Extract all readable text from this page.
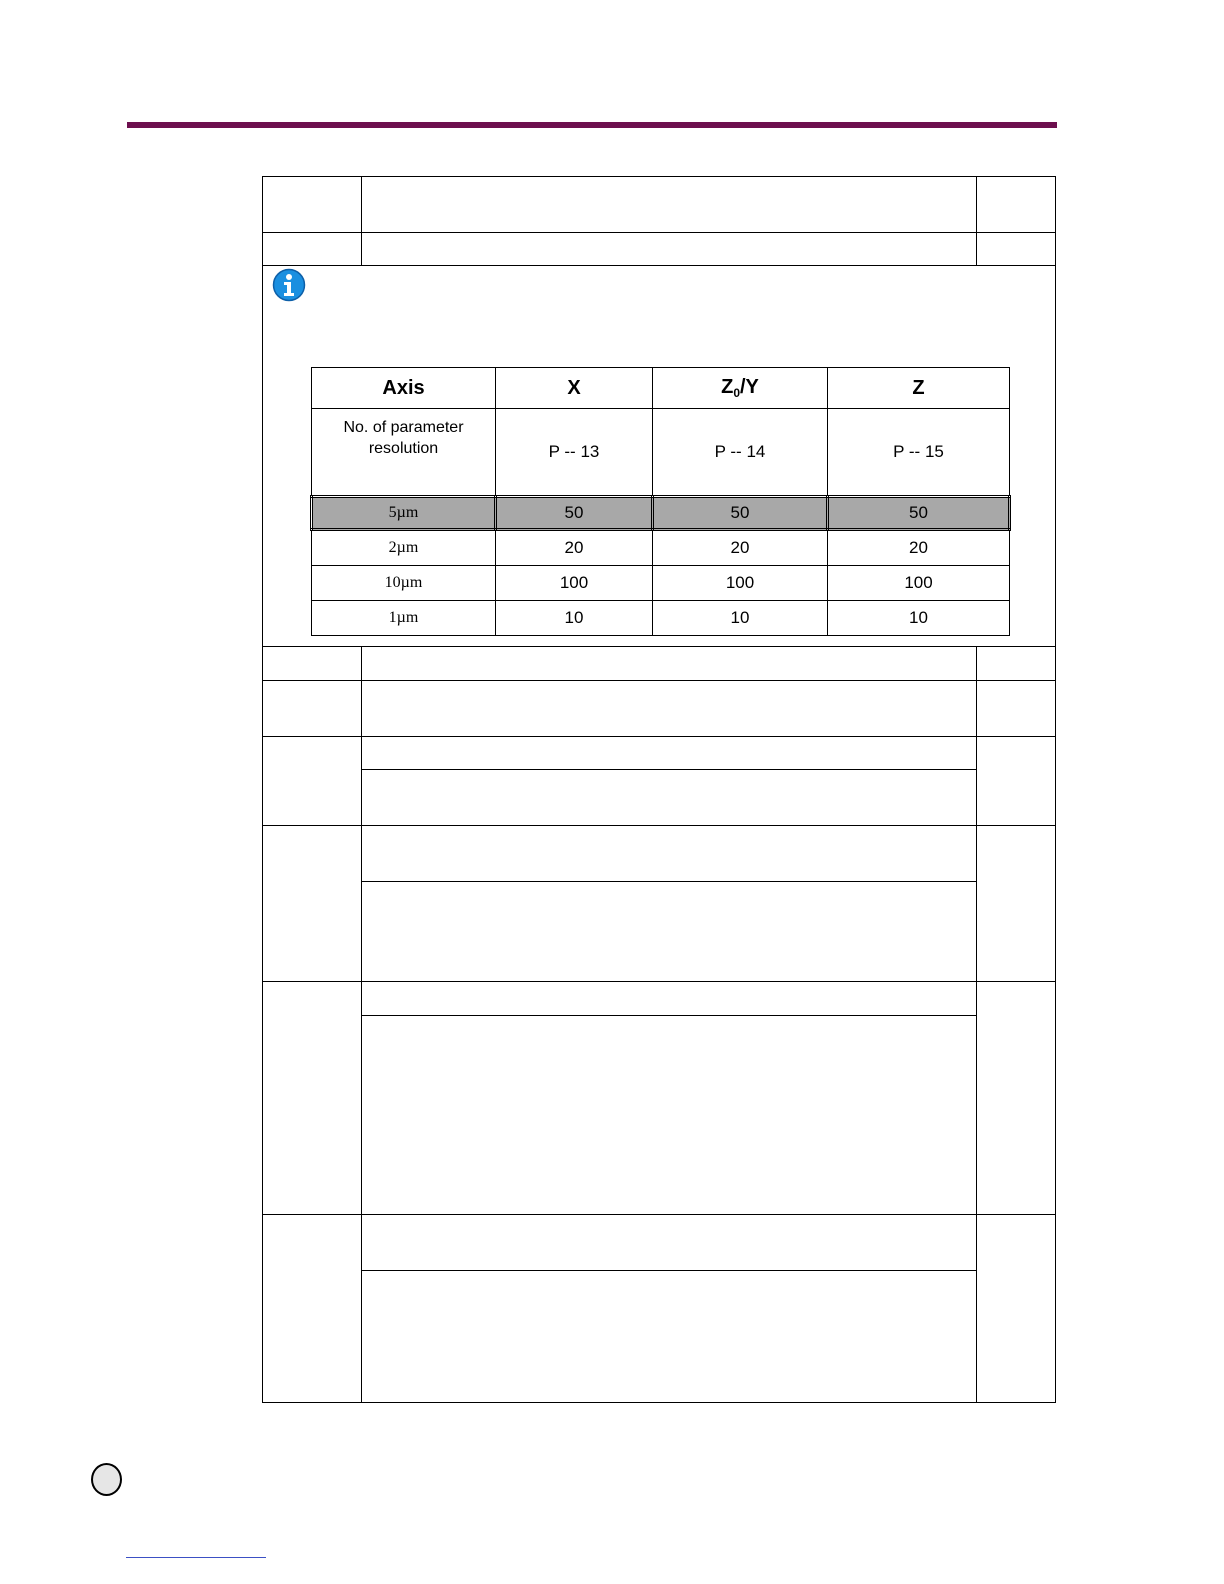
Axis	X	$Z_0/Y$	Z

No. of parameter resolution	P -- 13	P -- 14	P -- 15
5µm	50	50	50
2µm	20	20	20
10µm	100	100	100
1µm	10	10	10
